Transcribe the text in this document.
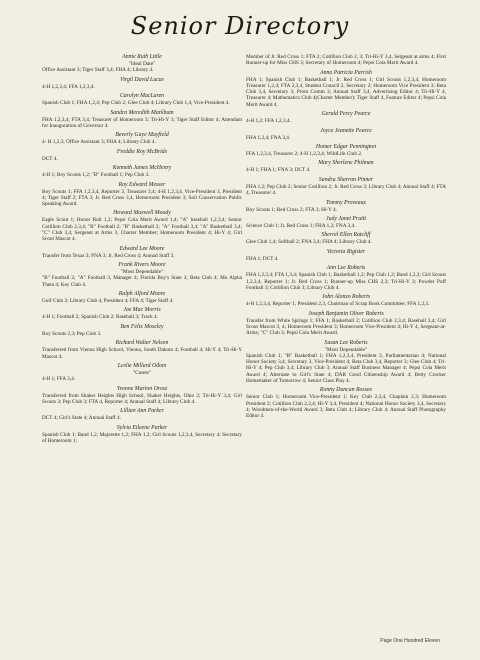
Senior Directory
Annie Ruth Little
"Ideal Date"
Office Assistant 3; Tiger Staff 3,4; FHA 4; Library 4.
Virgil David Lucas
4-H 1,2,3,4; FFA 1,2,3,4.
Carolyn MacLaren
Spanish Club 1; FHA 1,2,4; Pep Club 2; Glee Club 4; Library Club 1,4, Vice-President 4.
Sandra Meredith Markham
FHA 1,2,3,4; FTA 3,4, Treasurer of Homeroom 3; Tri-Hi-Y 3; Tiger Staff Editor 4; Attendant for Inauguration of Governor 4.
Beverly Gaye Mayfield
4- H 1,2,3; Office Assistant 3; FHA 4; Library Club 4.
Freddie Roy McBride
DCT 4.
Kenneth James McHenry
4-H 1; Boy Scouts 1,2; "B" Football 1; Pep Club 3.
Roy Edward Messer
Boy Scouts 1; FFA 1,2,3,4, Reporter 3, Treasurer 3,4; 4-H 1,2,3,4, Vice-President 3, President 4; Tiger Staff 2; FTA 3; Jr. Red Cross 3,4, Homeroom President 3; Soil Conservation Public Speaking Award.
Howard Maxwell Moody
Eagle Scout 1; Honor Roll 1,2; Pepsi Cola Merit Award 1,4; "A" baseball 1,2,3,4; Senior Cotillion Club 2,3,4; "B" Football 2; "B" Basketball 2; "A" Football 3,4; "A" Basketball 3,4; "C" Club 3,4, Sergeant at Arms 3, Charter Member; Homeroom President 4; Hi-Y 4; Girl Scout Mascot 4.
Edward Lee Moore
Transfer from Texas 3; FNA 3; Jr. Red Cross 4; Annual Staff 3.
Frank Rivers Moore
"Most Dependable"
"B" Football 2; "A" Football 3, Manager 4; Florida Boy's State 3; Beta Club 4; Mu Alpha Theta 4; Key Club 4.
Ralph Alford Moore
Golf Club 2; Library Club 4, President 4; FFA 4; Tiger Staff 4.
Joe Mac Morris
4-H 1; Football 2; Spanish Club 2; Baseball 3; Track 4.
Ben Felix Moseley
Boy Scouts 2,3; Pep Club 3.
Richard Walter Nelson
Transferred from Vienna High School, Vienna, South Dakota 4; Football 4; Hi-Y 4; Tri-Hi-Y Mascot 4.
Leslie Millard Odom
"Cutest"
4-H 1; FFA 3,4.
Yvonne Marion Orosz
Transferred from Shaker Heights High School, Shaker Heights, Ohio 2; Tri-Hi-Y 3,4; Girl Scouts 3; Pep Club 3; FTA 4, Reporter 4; Annual Staff 4; Library Club 4.
Lillian Ann Parker
DCT 4; Girl's State 4; Annual Staff 4.
Sylvia Eileene Parker
Spanish Club 1; Band 1,2, Majorette 1,2; FHA 1,2; Girl Scouts 1,2,3,4, Secretary 4; Secretary of Homeroom 1;
Member of Jr. Red Cross 1; FTA 2; Cotillion Club 2, 3; Tri-Hi-Y 3,4, Sergeant at arms 4; First Runner-up for Miss CHS 3; Secretary of Homeroom 4; Pepsi Cola Merit Award 4.
Anna Patricia Parrish
FHA 1; Spanish Club 1; Basketball 1; Jr. Red Cross 1; Girl Scouts 1,2,3,4, Homeroom Treasurer 1,2,4; FTA 2,3,4, Student Council 2, Secretary 2; Homeroom Vice President 3; Beta Club 3,4, Secretary 3; Prom Comm 3; Annual Staff 3,4, Advertising Editor 4; Tri-Hi-Y 4, Treasurer 4; Mathematics Club 4(Charter Member): Tiger Staff 4, Feature Editor 4; Pepsi Cola Merit Award 4.
Gerald Percy Pearce
4-H 1,2; FFA 1,2,3,4.
Joyce Jeanette Pearce
FHA 1,2,4; FNA 3,4.
Homer Edgar Pennington
FFA 1,2,3,4, Treasurer 2; 4-H 1,2,3,4; WildLife Club 2.
Mary Sherlene Philman
4-H 1; FHA 1; FNA 3; DCT 4.
Sandra Sharron Pinner
FHA 1,2; Pep Club 2; Senior Cotillion 2; Jr. Red Cross 3; Library Club 4; Annual Staff 4; FTA 4, Treasurer 4.
Tommy Proveaux
Boy Scouts 1; Red Cross 2; FTA 3; Hi-Y 4.
Judy Janet Pruitt
Science Club 1; Jr. Red Cross 1; FHA 1,2; FNA 3,4.
Sherrel Ellen Ratcliff
Glee Club 1,4; Softball 2; FNA 3,4; FHA 4; Library Club 4.
Victoria Rigister
FHA 1; DCT 4.
Ann Lee Roberts
FHA 1,2,3,4; FTA 1,3,4; Spanish Club 1; Basketball 1,2; Pep Club 1,2; Band 1,2,3; Girl Scouts 1,2,3,4, Reporter 1; Jr. Red Cross 1; Runner-up Miss CHS 2,3; Tri-Hi-Y 3; Powder Puff Football 3; Cotillion Club 3; Library Club 4.
John Alonzo Roberts
4-H 1,2,3,4, Reporter 1, President 2,3, Chairman of Scrap Book Committee; FFA 1,2,3.
Joseph Benjamin Oliver Roberts
Transfer from White Springs 1; FFA 1; Basketball 2; Cotillion Club 2,3,4; Baseball 3,4; Girl Scout Mascot 3, 4; Homeroom President 3; Homeroom Vice-President 4; Hi-Y 4, Sergeant-at-Arms; "C" Club 3; Pepsi Cola Merit Award.
Susan Lee Roberts
"Most Dependable"
Spanish Club 1; "B" Basketball 1; FHA 1,2,3,4, President 2, Parliamentarian 4; National Honor Society 3,4, Secretary 3, Vice-President 4; Beta Club 3,4, Reporter 3; Glee Club 4; Tri-Hi-Y 4; Pep Club 3,4; Library Club 3; Annual Staff Business Manager 4; Pepsi Cola Merit Award 4; Alternate to Girl's State 4; DAR Good Citizenship Award 4; Betty Crocker Homemaker of Tomorrow 4; Senior Class Play 4.
Ronny Duncan Rossee
Senior Club 1; Homeroom Vice-President 1; Key Club 2,3,4, Chaplain 2,3; Homeroom President 2; Cotillion Club 2,3,4; Hi-Y 3,4, President 4; National Honor Society 3,4, Secretary 4; Woodmen-of-the-World Award 3; Beta Club 4; Library Club 4; Annual Staff Photography Editor 4.
Page One Hundred Eleven
